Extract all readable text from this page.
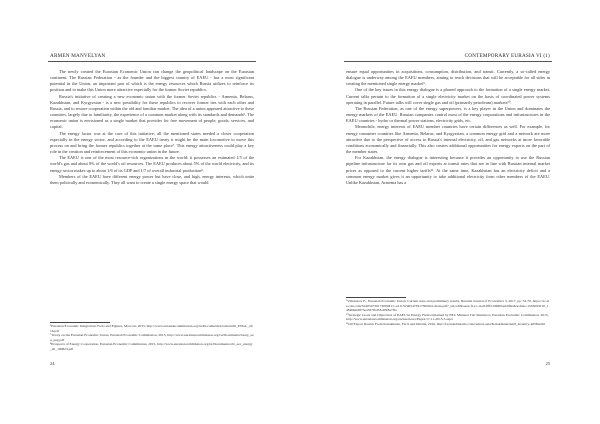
ARMEN MANVELYAN

The newly created the Eurasian Economic Union can change the geopolitical landscape on the Eurasian continent. The Russian Federation - as the founder and the biggest country of EAEU - has a most significant potential in the Union, an important part of which is the energy resources which Russia utilizes to reinforce its position and to make this Union more attractive especially for the former Soviet republics.

Russia's initiative of creating a new economic union with the former Soviet republics - Armenia, Belarus, Kazakhstan, and Kyrgyzstan - is a new possibility for these republics to recover former ties with each other and Russia, and to restore cooperation within the old and familiar market. The idea of a union appeared attractive to these countries, largely due to familiarity, the experience of a common market along with its standards and demands⁶. The economic union is envisioned as a single market that provides for free movement of people, goods, services, and capital.

The energy factor was at the core of this initiative; all the mentioned states needed a closer cooperation especially in the energy sector, and according to the EAEU treaty it might be the main locomotive to move this process on and bring the former republics together at the same place⁷. This energy attractiveness could play a key role in the creation and reinforcement of this economic union in the future.

The EAEU is one of the most resource-rich organizations in the world; it possesses an estimated 1/5 of the world's gas and about 8% of the world's oil resources. The EAEU produces about 5% of the world electricity, and its energy sector makes up to about 1/6 of its GDP and 1/7 of overall industrial production⁸.

Members of the EAEU have different energy power but have close, and high, energy interests, which unite them politically and economically. They all want to create a single energy space that would

⁶Eurasian Economic Integration: Facts and Figures, Moscow, 2015, http://www.eurasiancommission.org/ru/Documents/broshura26_ENGL_2016.pdf

⁷Treaty on the Eurasian Economic Union, Eurasian Economic Commission, 2015, http://www.eurasiancommission.org/ru/Documents/treaty_eeu_eng.pdf

⁸Prospects of Energy Cooperation, Eurasian Economic Commission, 2015, http://www.eurasiancommission.org/ru/Documents/sbr_eec_energy_all_190823.pdf

24
CONTEMPORARY EURASIA VI (1)

ensure equal opportunities in acquisitions, consumption, distribution, and transit. Currently, a so-called energy dialogue is underway among the EAEU members, aiming to reach decisions that will be acceptable for all sides in creating the mentioned single energy market⁹.

One of the key issues in this energy dialogue is a phased approach to the formation of a single energy market. Current talks pertain to the formation of a single electricity market on the basis of coordinated power systems operating in parallel. Future talks will cover single gas and oil (primarily petroleum) markets¹⁰.

The Russian Federation, as one of the energy superpowers, is a key player in the Union and dominates the energy markets of the EAEU. Russian companies control most of the energy corporations and infrastructures in the EAEU countries - hydro or thermal power stations, electricity grids, etc.

Meanwhile, energy interests of EAEU member countries have certain differences as well. For example, for energy consumer countries like Armenia, Belarus, and Kyrgyzstan, a common energy grid and a network are more attractive due to the perspective of access to Russia's internal electricity, oil, and gas networks at more favorable conditions economically and financially. This also creates additional opportunities for energy exports on the part of the member states.

For Kazakhstan, the energy dialogue is interesting because it provides an opportunity to use the Russian pipeline infrastructure for its own gas and oil exports at transit rates that are in line with Russian internal market prices as opposed to the current higher tariffs¹¹. At the same time, Kazakhstan has an electricity deficit and a common energy market gives it an opportunity to take additional electricity from other members of the EAEU. Unlike Kazakhstan, Armenia has a

⁹Vinokurov E., Eurasian Economic Union: Current state and preliminary results, Russian Journal of Economics 3, 2017, pp. 54-70, https://ac.els-cdn.com/S2405473917300041/1-s2.0-S2405473917300041-main.pdf?_tid=e63baeee-f1a1-11e8-8ff3-00000aab0f6c&acdnat=1543093210_1a8466ab8f75ea567fbd53a05f8a7ffa

¹⁰Strategic Goals and Objectives of EAEU in Energy Field explained by EEC Minister Tair Mansurov, Eurasian Economic Commission, 2015, http://www.eurasiancommission.org/en/nae/news/Pages/17-11-2015-5.aspx

¹¹Oil Export Routes From Kazakhstan, Facts and Details, 2016, http://factsanddetails.com/central-asia/Kazakhstan/sub8_4e/entry-4658.html

25
